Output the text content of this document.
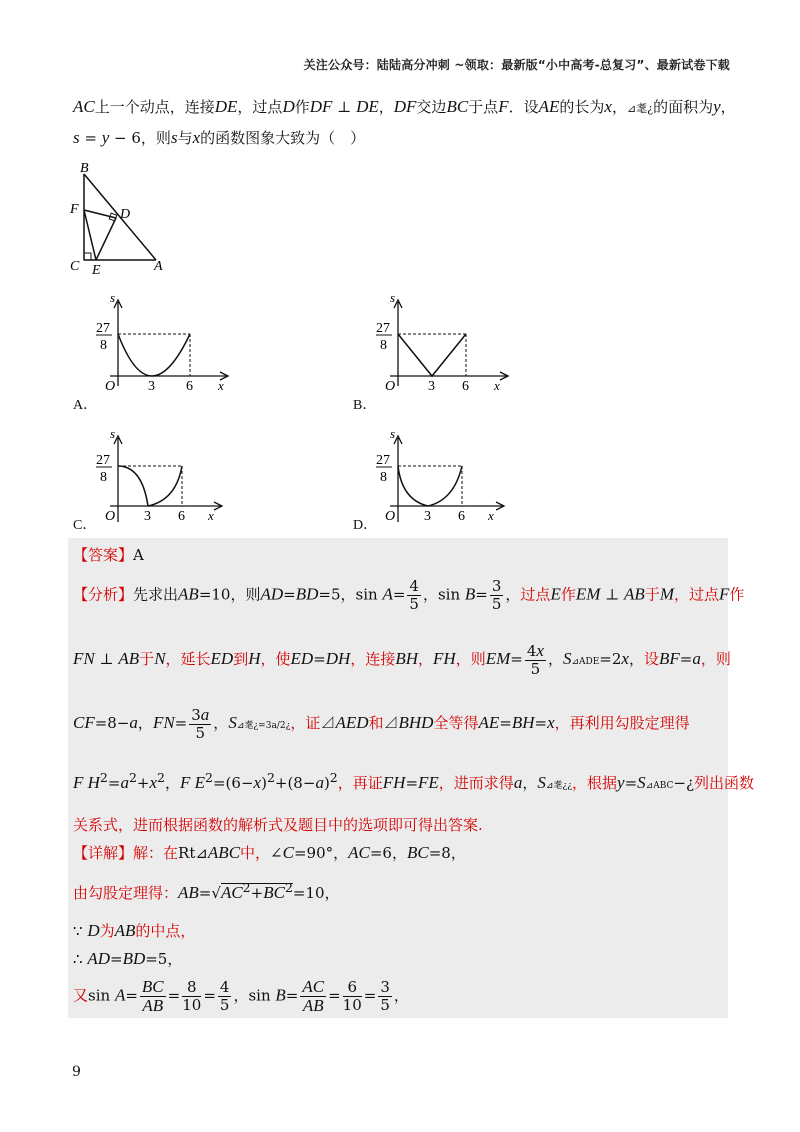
关注公众号：陆陆高分冲刺 ~领取：最新版“小中高考-总复习”、最新试卷下载
AC上一个动点，连接DE，过点D作DF ⊥ DE，DF交边BC于点F．设AE的长为x，⊿耄¿的面积为y，
s = y − 6，则s与x的函数图象大致为（　）
B
F	D
C E	A
s
27
8
O 3 6 x
A．
s
27
8
O 3 6 x
B．
s
27
8
O 3 6 x
C．
s
27
8
O 3 6 x
D．
【答案】A
【分析】先求出AB=10，则AD=BD=5，$\sin A= \frac{4}{5}$ ，$\sin B= \frac{3}{5}$ ，过点E作EM ⊥ AB于M，过点F作
FN ⊥ AB于N，延长ED到H，使ED=DH，连接BH，FH，则$EM= \frac{4x}{5}$ ，S⊿ADE=2x，设BF=a，则
CF=8−a，$FN= \frac{3a}{5}$ ，S⊿耄¿=3a/2¿，证⊿AED和⊿BHD全等得AE=BH=x，再利用勾股定理得
F $H^2=a^2+x^2$，F $E^2=(6-x)^2+(8-a)^2$，再证FH=FE，进而求得a，S⊿耄¿¿，根据y=S⊿ABC−¿列出函数
关系式，进而根据函数的解析式及题目中的选项即可得出答案.
【详解】解：在Rt⊿ABC中，∠C=90°，AC=6，BC=8，
由勾股定理得：$AB=√AC^2+BC^2=10$，
∵ D为AB的中点，
∴ AD=BD=5，
又$\sin A= \frac{BC}{AB} = \frac{8}{10} = \frac{4}{5}$ ，$\sin B= \frac{AC}{AB} = \frac{6}{10} = \frac{3}{5}$ ，
9
